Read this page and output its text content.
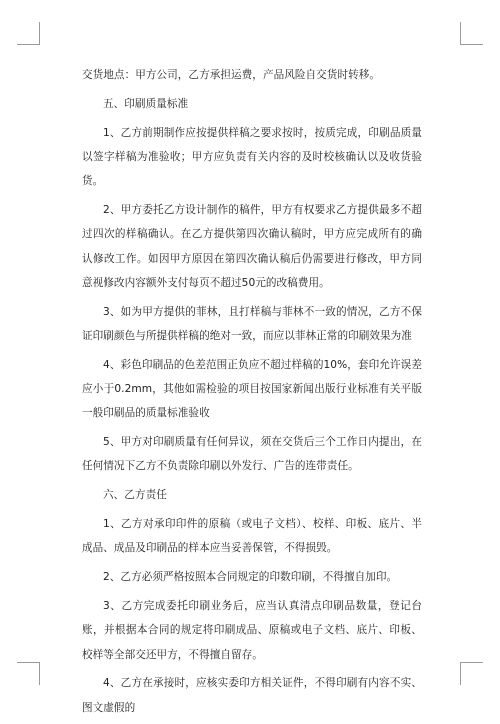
交货地点：甲方公司，乙方承担运费，产品风险自交货时转移。

五、印刷质量标准

1、乙方前期制作应按提供样稿之要求按时，按质完成，印刷品质量以签字样稿为准验收；甲方应负责有关内容的及时校核确认以及收货验货。

2、甲方委托乙方设计制作的稿件，甲方有权要求乙方提供最多不超过四次的样稿确认。在乙方提供第四次确认稿时，甲方应完成所有的确认修改工作。如因甲方原因在第四次确认稿后仍需要进行修改，甲方同意视修改内容额外支付每页不超过50元的改稿费用。

3、如为甲方提供的菲林，且打样稿与菲林不一致的情况，乙方不保证印刷颜色与所提供样稿的绝对一致，而应以菲林正常的印刷效果为准

4、彩色印刷品的色差范围正负应不超过样稿的10%，套印允许误差应小于0.2mm，其他如需检验的项目按国家新闻出版行业标准有关平版一般印刷品的质量标准验收

5、甲方对印刷质量有任何异议，须在交货后三个工作日内提出，在任何情况下乙方不负责除印刷以外发行、广告的连带责任。

六、乙方责任

1、乙方对承印印件的原稿（或电子文档）、校样、印板、底片、半成品、成品及印刷品的样本应当妥善保管，不得损毁。

2、乙方必须严格按照本合同规定的印数印刷，不得擅自加印。

3、乙方完成委托印刷业务后，应当认真清点印刷品数量，登记台账，并根据本合同的规定将印刷成品、原稿或电子文档、底片、印板、校样等全部交还甲方，不得擅自留存。

4、乙方在承接时，应核实委印方相关证件，不得印刷有内容不实、图文虚假的
